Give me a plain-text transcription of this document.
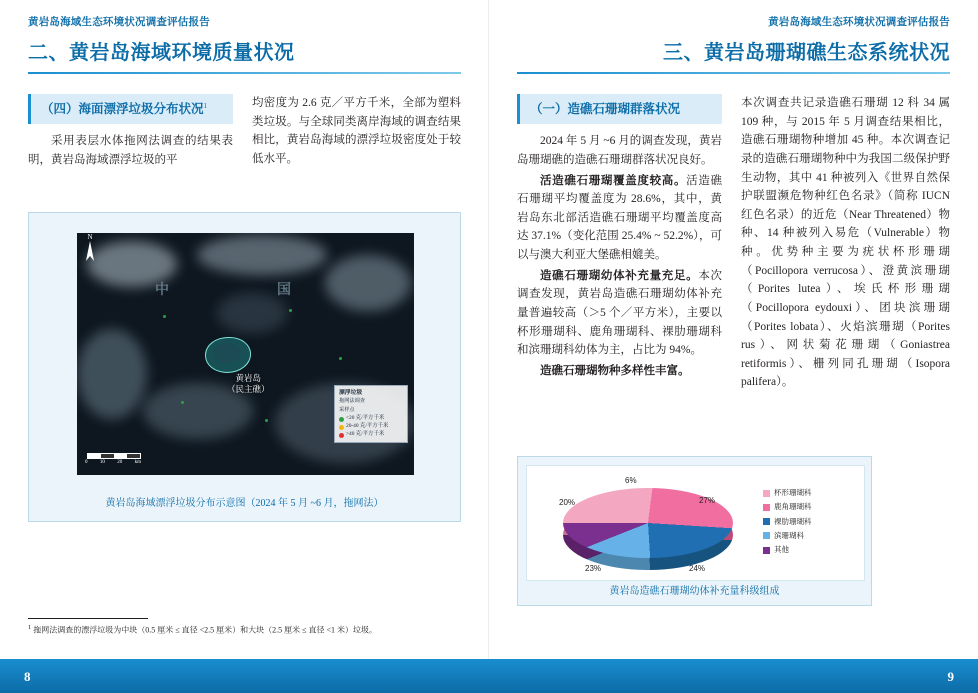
黄岩岛海域生态环境状况调查评估报告
二、黄岩岛海域环境质量状况
（四）海面漂浮垃圾分布状况$^1$

采用表层水体拖网法调查的结果表明，黄岩岛海域漂浮垃圾的平

均密度为 2.6 克／平方千米，全部为塑料类垃圾。与全球同类离岸海域的调查结果相比，黄岩岛海域的漂浮垃圾密度处于较低水平。

中	国
N
黄岩岛
（民主礁）	漂浮垃圾
拖网法调查
采样点
<20 克/平方千米
20-40 克/平方千米
>40 克/平方千米
0 10 20 km
黄岩岛海域漂浮垃圾分布示意图（2024 年 5 月 ~6 月，拖网法）
$^1$ 拖网法调查的漂浮垃圾为中块（0.5 厘米 ≤ 直径 <2.5 厘米）和大块（2.5 厘米 ≤ 直径 <1 米）垃圾。
8
黄岩岛海域生态环境状况调查评估报告
三、黄岩岛珊瑚礁生态系统状况
（一）造礁石珊瑚群落状况

2024 年 5 月 ~6 月的调查发现，黄岩岛珊瑚礁的造礁石珊瑚群落状况良好。

活造礁石珊瑚覆盖度较高。活造礁石珊瑚平均覆盖度为 28.6%，其中，黄岩岛东北部活造礁石珊瑚平均覆盖度高达 37.1%（变化范围 25.4% ~ 52.2%），可以与澳大利亚大堡礁相媲美。

造礁石珊瑚幼体补充量充足。本次调查发现，黄岩岛造礁石珊瑚幼体补充量普遍较高（＞5 个／平方米），主要以杯形珊瑚科、鹿角珊瑚科、裸肋珊瑚科和滨珊瑚科幼体为主，占比为 94%。

造礁石珊瑚物种多样性丰富。

本次调查共记录造礁石珊瑚 12 科 34 属 109 种，与 2015 年 5 月调查结果相比，造礁石珊瑚物种增加 45 种。本次调查记录的造礁石珊瑚物种中为我国二级保护野生动物，其中 41 种被列入《世界自然保护联盟濒危物种红色名录》（简称 IUCN 红色名录）的近危（Near Threatened）物种、14 种被列入易危（Vulnerable）物种。优势种主要为疣状杯形珊瑚（Pocillopora verrucosa）、澄黄滨珊瑚（Porites lutea）、埃氏杯形珊瑚（Pocillopora eydouxi）、团块滨珊瑚（Porites lobata）、火焰滨珊瑚（Porites rus）、网状菊花珊瑚（Goniastrea retiformis）、栅列同孔珊瑚（Isopora palifera）。

27%
24%
23%
20%
6%
杯形珊瑚科
鹿角珊瑚科
裸肋珊瑚科
滨珊瑚科
其他
黄岩岛造礁石珊瑚幼体补充量科级组成
9
